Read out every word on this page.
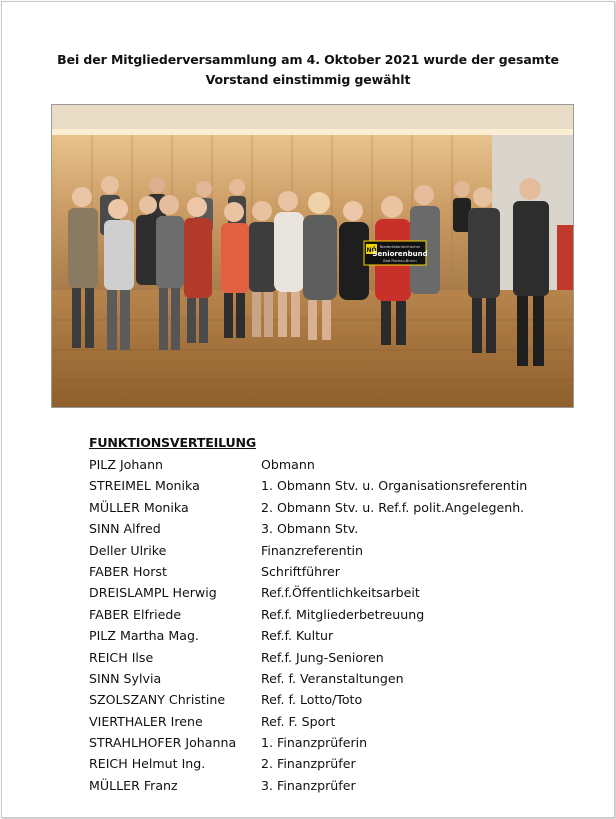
Bei der Mitgliederversammlung am 4. Oktober 2021 wurde der gesamte
Vorstand einstimmig gewählt
NÖ Niederösterreichischer
Seniorenbund
Bad Fischau-Brunn
FUNKTIONSVERTEILUNG
PILZ Johann	Obmann
STREIMEL Monika	1. Obmann Stv. u. Organisationsreferentin
MÜLLER Monika	2. Obmann Stv. u. Ref.f. polit.Angelegenh.
SINN Alfred	3. Obmann Stv.
Deller Ulrike	Finanzreferentin
FABER Horst	Schriftführer
DREISLAMPL Herwig	Ref.f.Öffentlichkeitsarbeit
FABER Elfriede	Ref.f. Mitgliederbetreuung
PILZ Martha Mag.	Ref.f. Kultur
REICH Ilse	Ref.f. Jung-Senioren
SINN Sylvia	Ref. f. Veranstaltungen
SZOLSZANY Christine	Ref. f. Lotto/Toto
VIERTHALER Irene	Ref. F. Sport
STRAHLHOFER Johanna	1. Finanzprüferin
REICH Helmut Ing.	2. Finanzprüfer
MÜLLER Franz	3. Finanzprüfer
